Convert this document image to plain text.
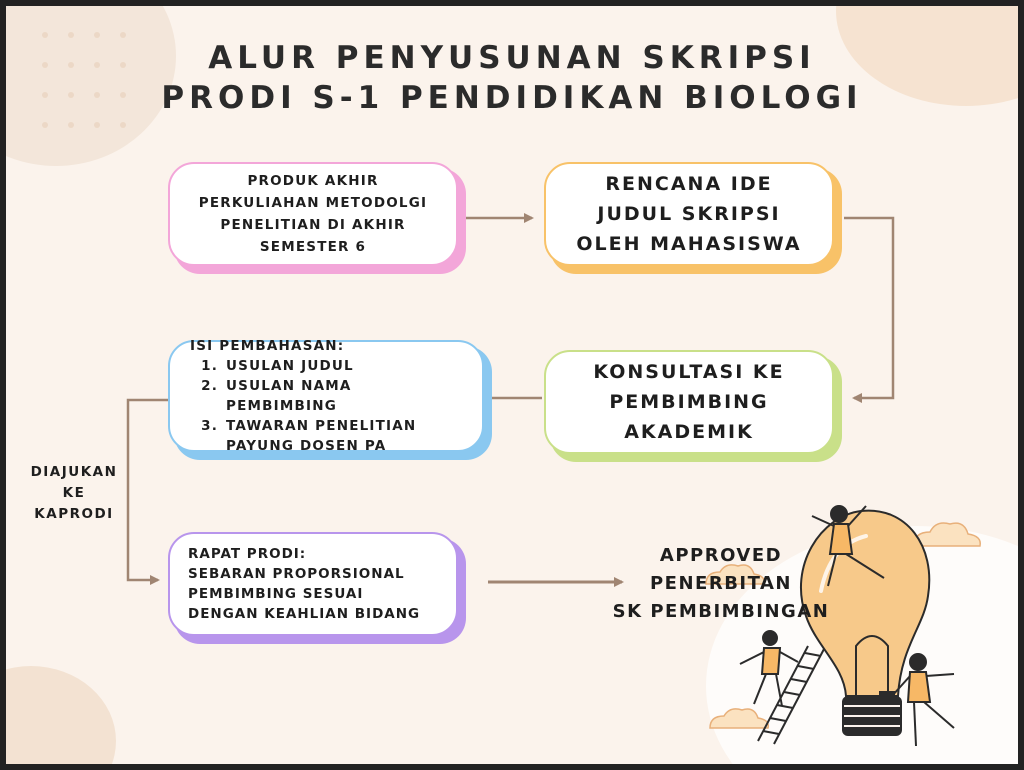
ALUR PENYUSUNAN SKRIPSI
PRODI S-1 PENDIDIKAN BIOLOGI
PRODUK AKHIR PERKULIAHAN METODOLGI PENELITIAN DI AKHIR SEMESTER 6
RENCANA IDE JUDUL SKRIPSI OLEH MAHASISWA
ISI PEMBAHASAN:
1. USULAN JUDUL
2. USULAN NAMA PEMBIMBING
3. TAWARAN PENELITIAN PAYUNG DOSEN PA
KONSULTASI KE PEMBIMBING AKADEMIK
RAPAT PRODI:
SEBARAN PROPORSIONAL PEMBIMBING SESUAI DENGAN KEAHLIAN BIDANG
DIAJUKAN KE KAPRODI
APPROVED
PENERBITAN
SK PEMBIMBINGAN
